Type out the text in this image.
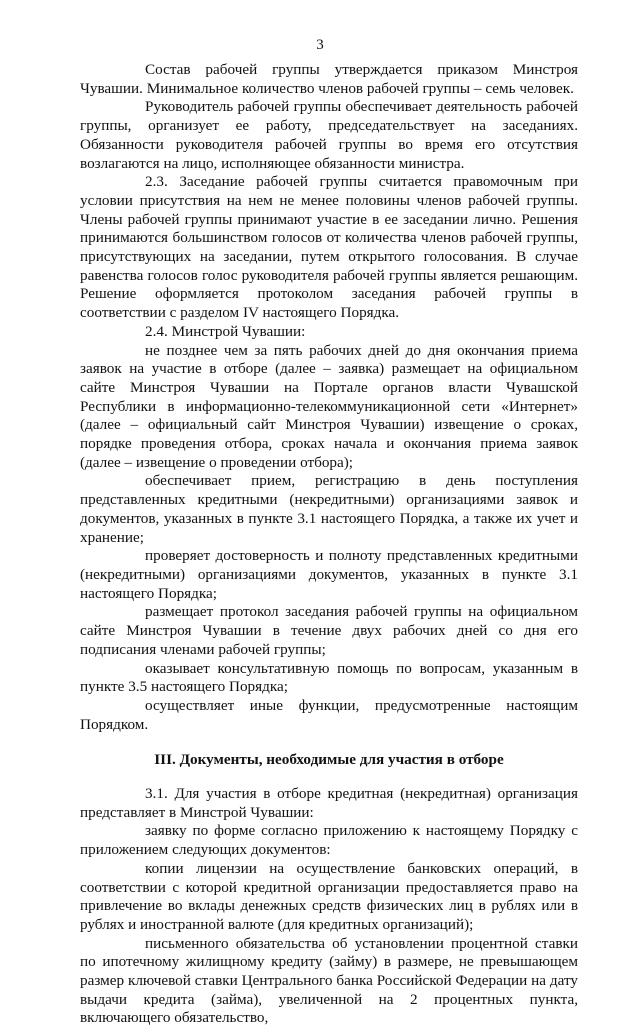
3

Состав рабочей группы утверждается приказом Минстроя Чувашии. Минимальное количество членов рабочей группы – семь человек.

Руководитель рабочей группы обеспечивает деятельность рабочей группы, организует ее работу, председательствует на заседаниях. Обязанности руководителя рабочей группы во время его отсутствия возлагаются на лицо, исполняющее обязанности министра.

2.3. Заседание рабочей группы считается правомочным при условии присутствия на нем не менее половины членов рабочей группы. Члены рабочей группы принимают участие в ее заседании лично. Решения принимаются большинством голосов от количества членов рабочей группы, присутствующих на заседании, путем открытого голосования. В случае равенства голосов голос руководителя рабочей группы является решающим. Решение оформляется протоколом заседания рабочей группы в соответствии с разделом IV настоящего Порядка.

2.4. Минстрой Чувашии:

не позднее чем за пять рабочих дней до дня окончания приема заявок на участие в отборе (далее – заявка) размещает на официальном сайте Минстроя Чувашии на Портале органов власти Чувашской Республики в информационно-телекоммуникационной сети «Интернет» (далее – официальный сайт Минстроя Чувашии) извещение о сроках, порядке проведения отбора, сроках начала и окончания приема заявок (далее – извещение о проведении отбора);

обеспечивает прием, регистрацию в день поступления представленных кредитными (некредитными) организациями заявок и документов, указанных в пункте 3.1 настоящего Порядка, а также их учет и хранение;

проверяет достоверность и полноту представленных кредитными (некредитными) организациями документов, указанных в пункте 3.1 настоящего Порядка;

размещает протокол заседания рабочей группы на официальном сайте Минстроя Чувашии в течение двух рабочих дней со дня его подписания членами рабочей группы;

оказывает консультативную помощь по вопросам, указанным в пункте 3.5 настоящего Порядка;

осуществляет иные функции, предусмотренные настоящим Порядком.

III. Документы, необходимые для участия в отборе

3.1. Для участия в отборе кредитная (некредитная) организация представляет в Минстрой Чувашии:

заявку по форме согласно приложению к настоящему Порядку с приложением следующих документов:

копии лицензии на осуществление банковских операций, в соответствии с которой кредитной организации предоставляется право на привлечение во вклады денежных средств физических лиц в рублях или в рублях и иностранной валюте (для кредитных организаций);

письменного обязательства об установлении процентной ставки по ипотечному жилищному кредиту (займу) в размере, не превышающем размер ключевой ставки Центрального банка Российской Федерации на дату выдачи кредита (займа), увеличенной на 2 процентных пункта, включающего обязательство,
